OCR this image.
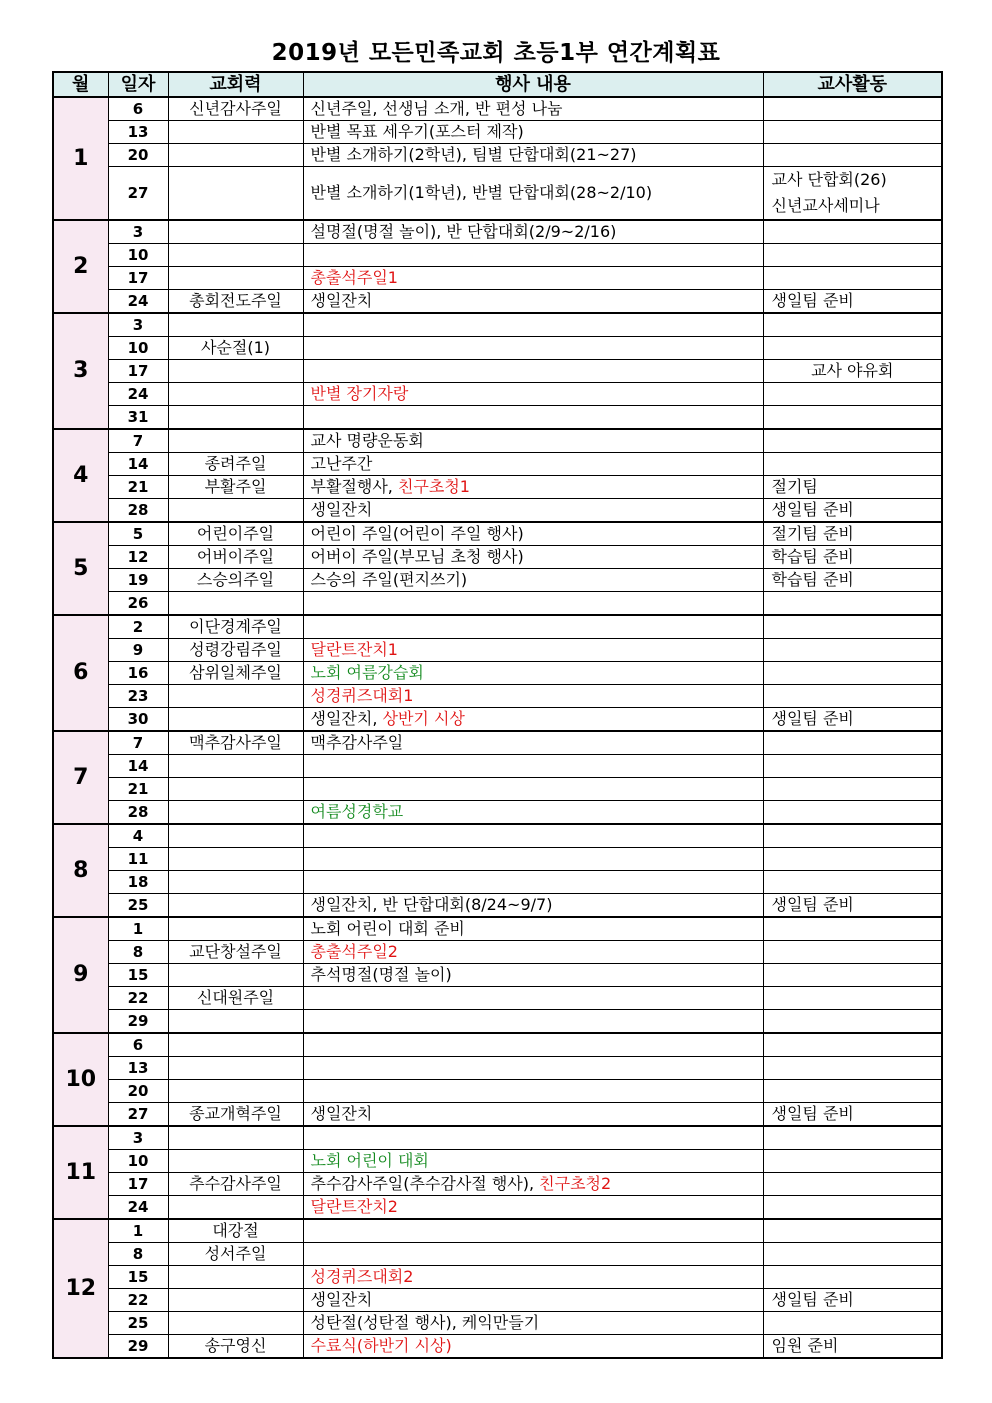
2019년 모든민족교회 초등1부 연간계획표
월	일자	교회력	행사 내용	교사활동
1	6	신년감사주일	신년주일, 선생님 소개, 반 편성 나눔	
	13		반별 목표 세우기(포스터 제작)	
	20		반별 소개하기(2학년), 팀별 단합대회(21~27)	
	27		반별 소개하기(1학년), 반별 단합대회(28~2/10)	교사 단합회(26)
신년교사세미나
2	3		설명절(명절 놀이), 반 단합대회(2/9~2/16)	
	10			
	17		총출석주일1	
	24	총회전도주일	생일잔치	생일팀 준비
3	3			
	10	사순절(1)		
	17			교사 야유회
	24		반별 장기자랑	
	31			
4	7		교사 명량운동회	
	14	종려주일	고난주간	
	21	부활주일	부활절행사, 친구초청1	절기팀
	28		생일잔치	생일팀 준비
5	5	어린이주일	어린이 주일(어린이 주일 행사)	절기팀 준비
	12	어버이주일	어버이 주일(부모님 초청 행사)	학습팀 준비
	19	스승의주일	스승의 주일(편지쓰기)	학습팀 준비
	26			
6	2	이단경계주일		
	9	성령강림주일	달란트잔치1	
	16	삼위일체주일	노회 여름강습회	
	23		성경퀴즈대회1	
	30		생일잔치, 상반기 시상	생일팀 준비
7	7	맥추감사주일	맥추감사주일	
	14			
	21			
	28		여름성경학교	
8	4			
	11			
	18			
	25		생일잔치, 반 단합대회(8/24~9/7)	생일팀 준비
9	1		노회 어린이 대회 준비	
	8	교단창설주일	총출석주일2	
	15		추석명절(명절 놀이)	
	22	신대원주일		
	29			
10	6			
	13			
	20			
	27	종교개혁주일	생일잔치	생일팀 준비
11	3			
	10		노회 어린이 대회	
	17	추수감사주일	추수감사주일(추수감사절 행사), 친구초청2	
	24		달란트잔치2	
12	1	대강절		
	8	성서주일		
	15		성경퀴즈대회2	
	22		생일잔치	생일팀 준비
	25		성탄절(성탄절 행사), 케익만들기	
	29	송구영신	수료식(하반기 시상)	임원 준비
